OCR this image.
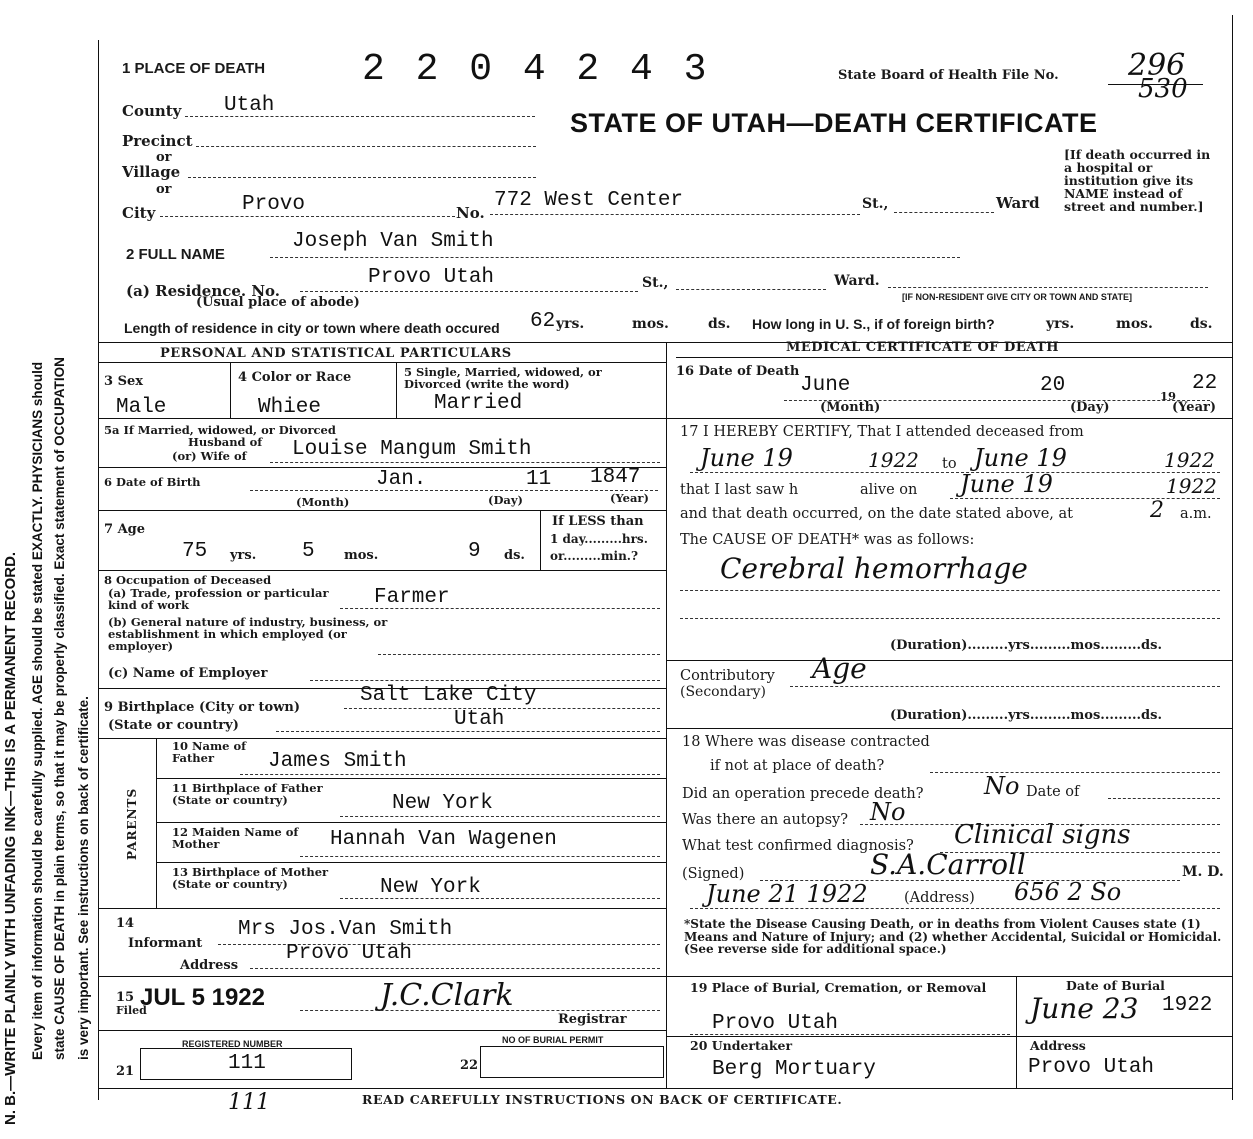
N. B.—WRITE PLAINLY WITH UNFADING INK—THIS IS A PERMANENT RECORD. Every item of information should be carefully supplied. AGE should be stated EXACTLY. PHYSICIANS should state CAUSE OF DEATH in plain terms, so that it may be properly classified. Exact statement of OCCUPATION is very important. See instructions on back of certificate.
1 PLACE OF DEATH	2 2 0 4 2 4 3	State Board of Health File No. 296
530
STATE OF UTAH—DEATH CERTIFICATE
County Utah
Precinct
or
Village
or
City	Provo	No.
772 West Center	St.,	Ward
[If death occurred in a hospital or institution give its NAME instead of street and number.]
2 FULL NAME
Joseph Van Smith
(a) Residence. No.
(Usual place of abode)
Provo Utah	St.,	Ward.
[IF NON-RESIDENT GIVE CITY OR TOWN AND STATE]
Length of residence in city or town where death occured 62 yrs.	mos.	ds. How long in U. S., if of foreign birth?	yrs.	mos.	ds.
PERSONAL AND STATISTICAL PARTICULARS	MEDICAL CERTIFICATE OF DEATH
3 Sex
Male
4 Color or Race
Whiее
5 Single, Married, widowed, or Divorced (write the word)
Married
5a If Married, widowed, or Divorced
Husband of
(or) Wife of Louise Mangum Smith
6 Date of Birth	Jan.	11 1847
(Month)	(Day)	(Year)
7 Age
75 yrs. 5 mos.	9 ds.
If LESS than
1 day.........hrs.
or.........min.?
8 Occupation of Deceased
(a) Trade, profession or particular kind of work	Farmer
(b) General nature of industry, business, or establishment in which employed (or employer)
(c) Name of Employer
9 Birthplace (City or town)
(State or country)
Salt Lake City
Utah
PARENTS
10 Name of Father	James Smith
11 Birthplace of Father (State or country)	New York
12 Maiden Name of Mother	Hannah Van Wagenen
13 Birthplace of Mother (State or country)	New York
14
Informant
Mrs Jos.Van Smith
Address
Provo Utah
15
Filed
JUL 5 1922	J.C.Clark
Registrar
REGISTERED NUMBER	NO OF BURIAL PERMIT
21	111	22
111	READ CAREFULLY INSTRUCTIONS ON BACK OF CERTIFICATE.
16 Date of Death
June	20	19
22
(Month)	(Day)	(Year)
17 I HEREBY CERTIFY, That I attended deceased from
June 19	1922 to June 19	1922
that I last saw h	alive on June 19	1922
and that death occurred, on the date stated above, at	2 a.m.
The CAUSE OF DEATH* was as follows:
Cerebral hemorrhage
(Duration).........yrs.........mos.........ds.
Contributory
(Secondary)
Age
(Duration).........yrs.........mos.........ds.
18 Where was disease contracted
if not at place of death?
Did an operation precede death?	No Date of
Was there an autopsy? No
What test confirmed diagnosis? Clinical signs
(Signed)	S.A.Carroll	M. D.
June 21 1922	(Address) 656 2 So
*State the Disease Causing Death, or in deaths from Violent Causes state (1) Means and Nature of Injury; and (2) whether Accidental, Suicidal or Homicidal. (See reverse side for additional space.)
19 Place of Burial, Cremation, or Removal
Provo Utah
Date of Burial
June 23 1922
20 Undertaker
Berg Mortuary
Address
Provo Utah
